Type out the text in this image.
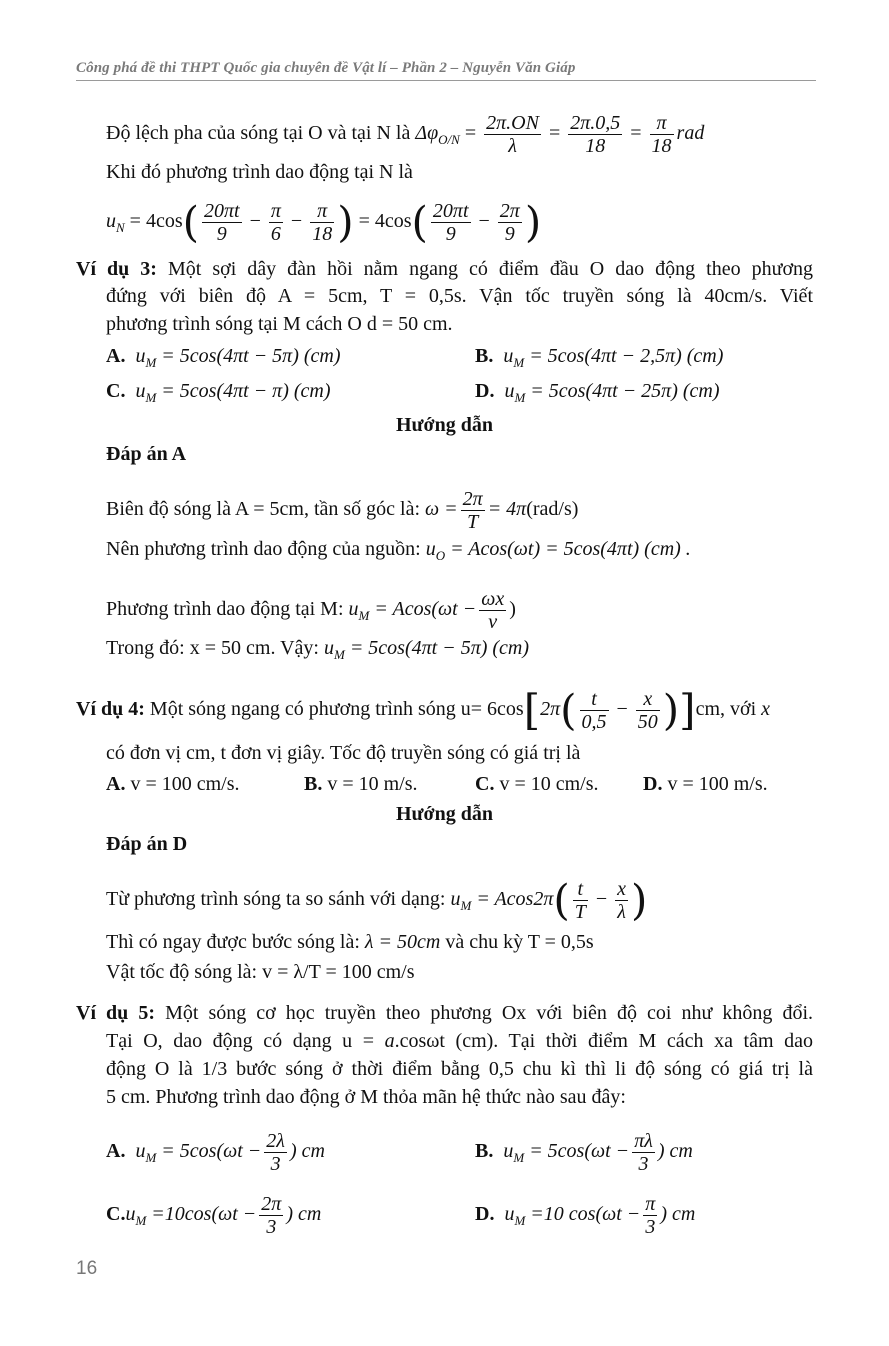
Công phá đề thi THPT Quốc gia chuyên đề Vật lí – Phần 2 – Nguyễn Văn Giáp
Độ lệch pha của sóng tại O và tại N là $\Delta\varphi_{O/N} = \frac{2\pi.ON}{\lambda} = \frac{2\pi.0,5}{18} = \frac{\pi}{18}$ rad
Khi đó phương trình dao động tại N là
$u_N = 4\cos( \frac{20\pi t}{9} - \frac{\pi}{6} - \frac{\pi}{18}$ ) = $4\cos( \frac{20\pi t}{9} - \frac{2\pi}{9}$ )
Ví dụ 3: Một sợi dây đàn hồi nằm ngang có điểm đầu O dao động theo phương
đứng với biên độ A = 5cm, T = 0,5s. Vận tốc truyền sóng là 40cm/s. Viết
phương trình sóng tại M cách O d = 50 cm.
A. $u_M = 5\cos(4\pi t - 5\pi)$ (cm)	B. $u_M = 5\cos(4\pi t - 2,5\pi)$ (cm)
C. $u_M = 5\cos(4\pi t - \pi)$ (cm)	D. $u_M = 5\cos(4\pi t - 25\pi)$ (cm)
Hướng dẫn
Đáp án A
Biên độ sóng là A = 5cm, tần số góc là: $\omega = \frac{2\pi}{T} = 4\pi(rad/s)$
Nên phương trình dao động của nguồn: $u_O = Acos(\omega t) = 5\cos(4\pi t)$ (cm) .
Phương trình dao động tại M: $u_M = Acos(\omega t - \frac{\omega x}{v}$ )
Trong đó: x = 50 cm. Vậy: $u_M = 5\cos(4\pi t - 5\pi)$ (cm)
Ví dụ 4: Một sóng ngang có phương trình sóng $u= 6\cos[2\pi( \frac{t}{0,5} - \frac{x}{50} )]cm$, với x
có đơn vị cm, t đơn vị giây. Tốc độ truyền sóng có giá trị là
A. v = 100 cm/s.	B. v = 10 m/s.	C. v = 10 cm/s. D. v = 100 m/s.
Hướng dẫn
Đáp án D
Từ phương trình sóng ta so sánh với dạng: $u_M = Acos2\pi( \frac{t}{T} - \frac{x}{\lambda}$ )
Thì có ngay được bước sóng là: λ = 50cm và chu kỳ T = 0,5s
Vật tốc độ sóng là: v = λ/T = 100 cm/s
Ví dụ 5: Một sóng cơ học truyền theo phương Ox với biên độ coi như không đổi.
Tại O, dao động có dạng u = a.cosωt (cm). Tại thời điểm M cách xa tâm dao
động O là 1/3 bước sóng ở thời điểm bằng 0,5 chu kì thì li độ sóng có giá trị là
5 cm. Phương trình dao động ở M thỏa mãn hệ thức nào sau đây:
A. $u_M = 5\cos(\omega t - \frac{2\lambda}{3}$ ) cm	B. $u_M = 5\cos(\omega t - \frac{\pi\lambda}{3}$ ) cm
$C.u_M =10\cos(\omega t - \frac{2\pi}{3}$ ) cm	D. $u_M =10$ $\cos(\omega t - \frac{\pi}{3}$ ) cm
16
